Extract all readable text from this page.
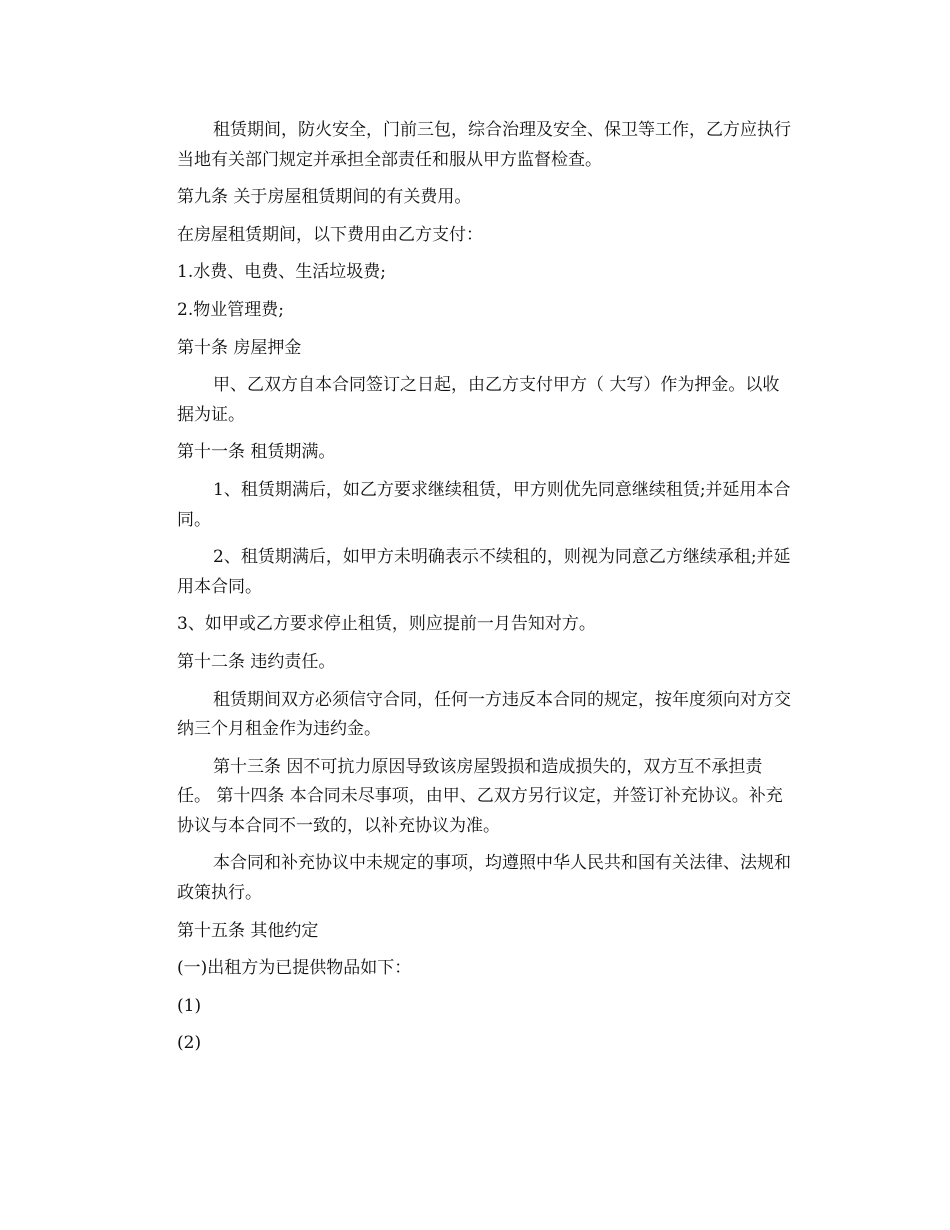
租赁期间，防火安全，门前三包，综合治理及安全、保卫等工作，乙方应执行
当地有关部门规定并承担全部责任和服从甲方监督检查。
第九条 关于房屋租赁期间的有关费用。
在房屋租赁期间，以下费用由乙方支付：
1.水费、电费、生活垃圾费;
2.物业管理费;
第十条 房屋押金
甲、乙双方自本合同签订之日起，由乙方支付甲方（ 大写）作为押金。以收
据为证。
第十一条 租赁期满。
1、租赁期满后，如乙方要求继续租赁，甲方则优先同意继续租赁;并延用本合
同。
2、租赁期满后，如甲方未明确表示不续租的，则视为同意乙方继续承租;并延
用本合同。
3、如甲或乙方要求停止租赁，则应提前一月告知对方。
第十二条 违约责任。
租赁期间双方必须信守合同，任何一方违反本合同的规定，按年度须向对方交
纳三个月租金作为违约金。
第十三条 因不可抗力原因导致该房屋毁损和造成损失的，双方互不承担责
任。 第十四条 本合同未尽事项，由甲、乙双方另行议定，并签订补充协议。补充
协议与本合同不一致的，以补充协议为准。
本合同和补充协议中未规定的事项，均遵照中华人民共和国有关法律、法规和
政策执行。
第十五条 其他约定
(一)出租方为已提供物品如下：
(1)
(2)
